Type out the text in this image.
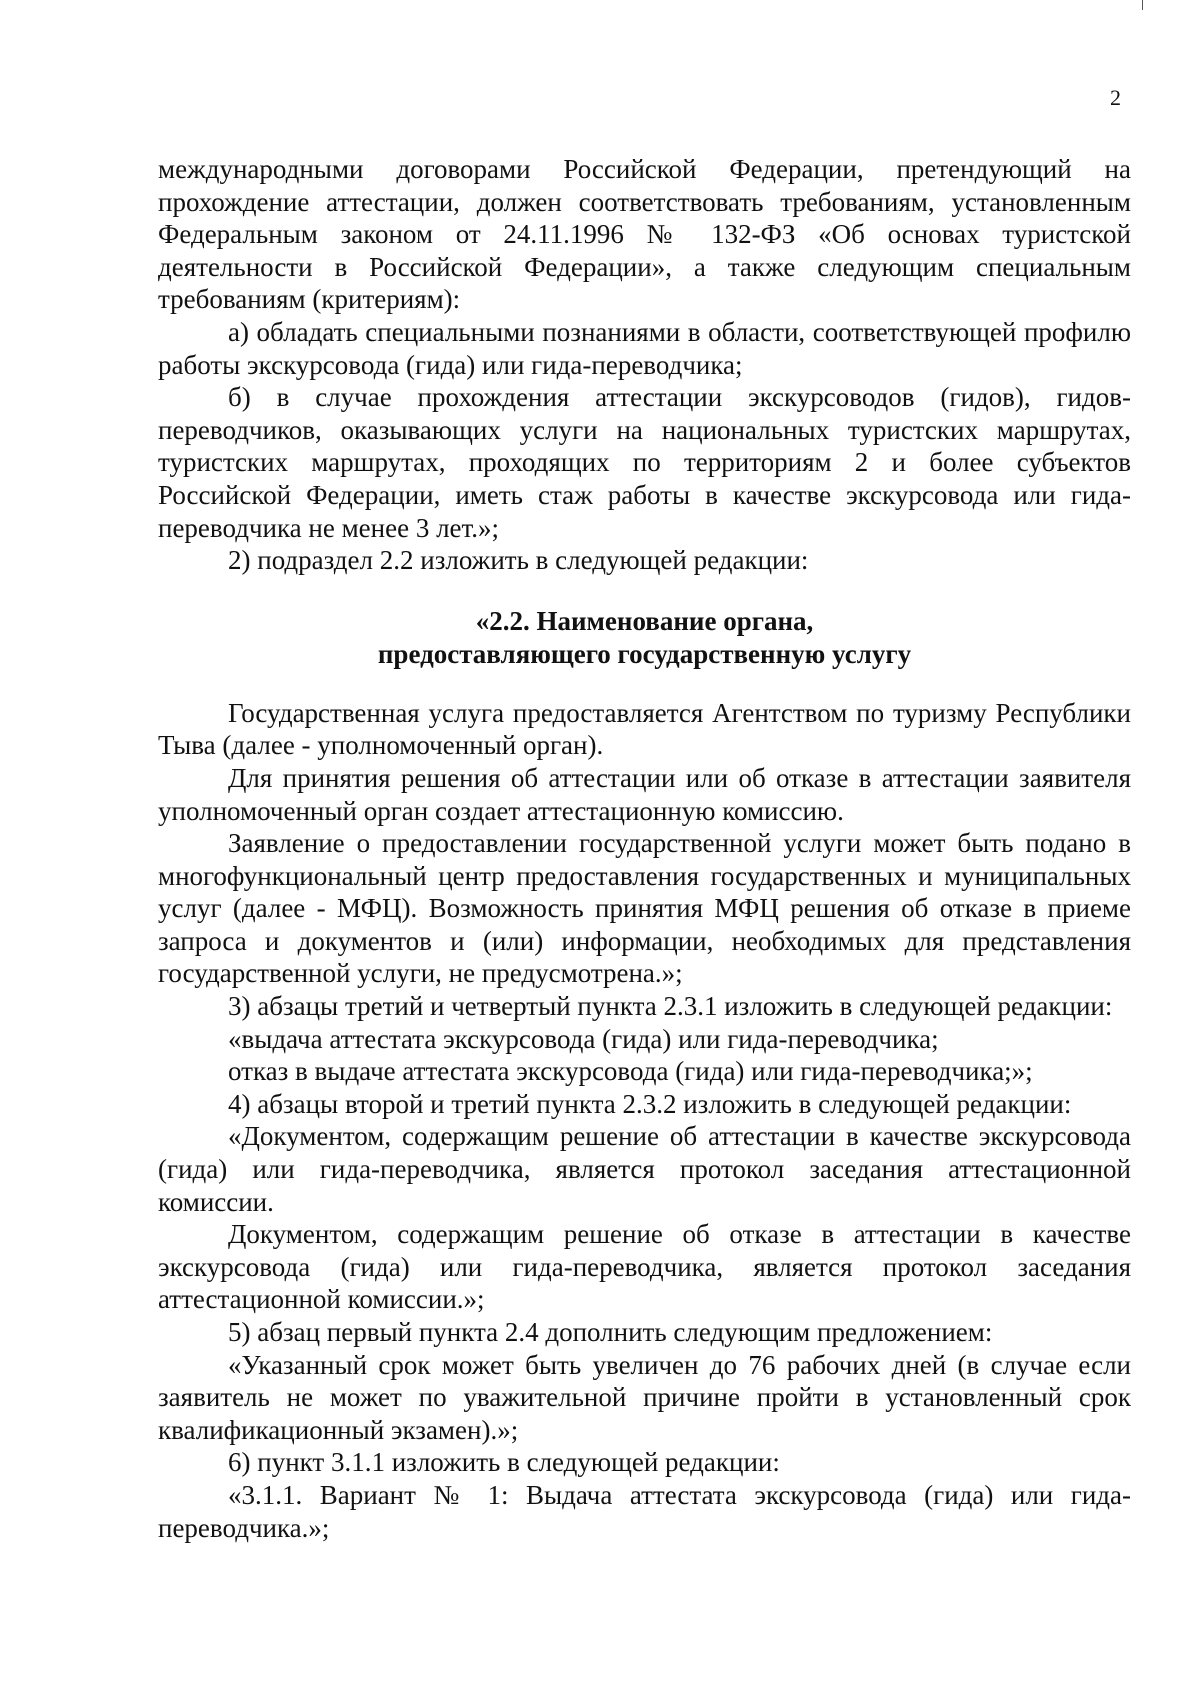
2

международными договорами Российской Федерации, претендующий на прохождение аттестации, должен соответствовать требованиям, установленным Федеральным законом от 24.11.1996 № 132-ФЗ «Об основах туристской деятельности в Российской Федерации», а также следующим специальным требованиям (критериям):

а) обладать специальными познаниями в области, соответствующей профилю работы экскурсовода (гида) или гида-переводчика;

б) в случае прохождения аттестации экскурсоводов (гидов), гидов-переводчиков, оказывающих услуги на национальных туристских маршрутах, туристских маршрутах, проходящих по территориям 2 и более субъектов Российской Федерации, иметь стаж работы в качестве экскурсовода или гида-переводчика не менее 3 лет.»;

2) подраздел 2.2 изложить в следующей редакции:

«2.2. Наименование органа,
предоставляющего государственную услугу

Государственная услуга предоставляется Агентством по туризму Республики Тыва (далее - уполномоченный орган).

Для принятия решения об аттестации или об отказе в аттестации заявителя уполномоченный орган создает аттестационную комиссию.

Заявление о предоставлении государственной услуги может быть подано в многофункциональный центр предоставления государственных и муниципальных услуг (далее - МФЦ). Возможность принятия МФЦ решения об отказе в приеме запроса и документов и (или) информации, необходимых для представления государственной услуги, не предусмотрена.»;

3) абзацы третий и четвертый пункта 2.3.1 изложить в следующей редакции:

«выдача аттестата экскурсовода (гида) или гида-переводчика;

отказ в выдаче аттестата экскурсовода (гида) или гида-переводчика;»;

4) абзацы второй и третий пункта 2.3.2 изложить в следующей редакции:

«Документом, содержащим решение об аттестации в качестве экскурсовода (гида) или гида-переводчика, является протокол заседания аттестационной комиссии.

Документом, содержащим решение об отказе в аттестации в качестве экскурсовода (гида) или гида-переводчика, является протокол заседания аттестационной комиссии.»;

5) абзац первый пункта 2.4 дополнить следующим предложением:

«Указанный срок может быть увеличен до 76 рабочих дней (в случае если заявитель не может по уважительной причине пройти в установленный срок квалификационный экзамен).»;

6) пункт 3.1.1 изложить в следующей редакции:

«3.1.1. Вариант № 1: Выдача аттестата экскурсовода (гида) или гида-переводчика.»;
